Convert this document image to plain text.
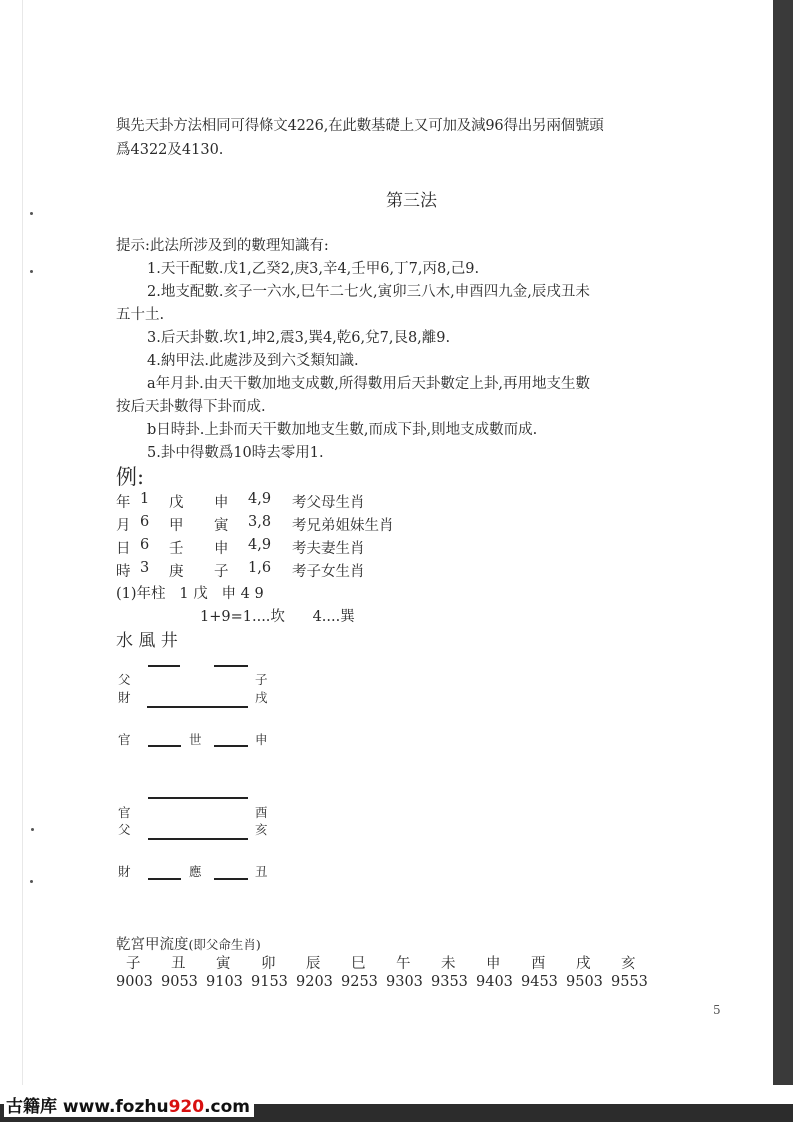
與先天卦方法相同可得條文4226,在此數基礎上又可加及減96得出另兩個號頭
爲4322及4130.
第三法
提示:此法所涉及到的數理知識有:
1.天干配數.戊1,乙癸2,庚3,辛4,壬甲6,丁7,丙8,己9.
2.地支配數.亥子一六水,巳午二七火,寅卯三八木,申酉四九金,辰戌丑未
五十土.
3.后天卦數.坎1,坤2,震3,巽4,乾6,兌7,艮8,離9.
4.納甲法.此處涉及到六爻類知識.
a年月卦.由天干數加地支成數,所得數用后天卦數定上卦,再用地支生數
按后天卦數得下卦而成.
b日時卦.上卦而天干數加地支生數,而成下卦,則地支成數而成.
5.卦中得數爲10時去零用1.
例:
年 1 戊 申 4,9 考父母生肖
月 6 甲 寅 3,8 考兄弟姐妹生肖
日 6 壬 申 4,9 考夫妻生肖
時 3 庚 子 1,6 考子女生肖
(1)年柱   1 戊   申 4 9
1+9=1....坎      4....巽
水 風 井
父	子
財	戌
官	世	申
官	酉
父	亥
財	應	丑
乾宮甲流度(即父命生肖)
子 丑 寅 卯 辰 巳 午 未 申 酉 戌 亥
9003 9053 9103 9153 9203 9253 9303 9353 9403 9453 9503 9553
5
古籍库 www.fozhu920.com
